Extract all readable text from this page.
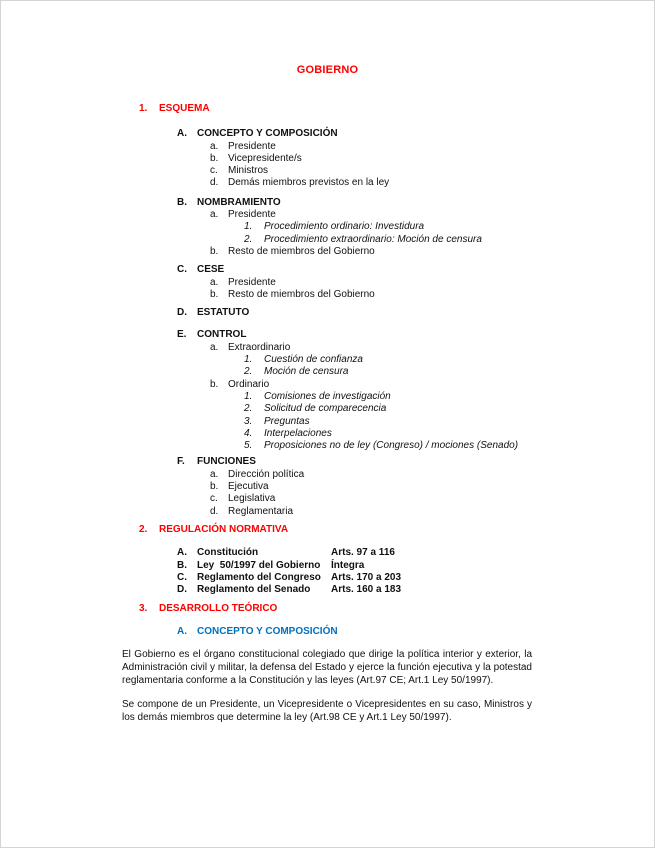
GOBIERNO
1. ESQUEMA
A. CONCEPTO Y COMPOSICIÓN
a. Presidente
b. Vicepresidente/s
c. Ministros
d. Demás miembros previstos en la ley
B. NOMBRAMIENTO
a. Presidente
1. Procedimiento ordinario: Investidura
2. Procedimiento extraordinario: Moción de censura
b. Resto de miembros del Gobierno
C. CESE
a. Presidente
b. Resto de miembros del Gobierno
D. ESTATUTO
E. CONTROL
a. Extraordinario
1. Cuestión de confianza
2. Moción de censura
b. Ordinario
1. Comisiones de investigación
2. Solicitud de comparecencia
3. Preguntas
4. Interpelaciones
5. Proposiciones no de ley (Congreso) / mociones (Senado)
F. FUNCIONES
a. Dirección política
b. Ejecutiva
c. Legislativa
d. Reglamentaria
2. REGULACIÓN NORMATIVA
A. Constitución	Arts. 97 a 116
B. Ley  50/1997 del Gobierno Íntegra
C. Reglamento del Congreso Arts. 170 a 203
D. Reglamento del Senado Arts. 160 a 183
3. DESARROLLO TEÓRICO
A. CONCEPTO Y COMPOSICIÓN

El Gobierno es el órgano constitucional colegiado que dirige la política interior y exterior, la Administración civil y militar, la defensa del Estado y ejerce la función ejecutiva y la potestad reglamentaria conforme a la Constitución y las leyes (Art.97 CE; Art.1 Ley 50/1997).

Se compone de un Presidente, un Vicepresidente o Vicepresidentes en su caso, Ministros y los demás miembros que determine la ley (Art.98 CE y Art.1 Ley 50/1997).
